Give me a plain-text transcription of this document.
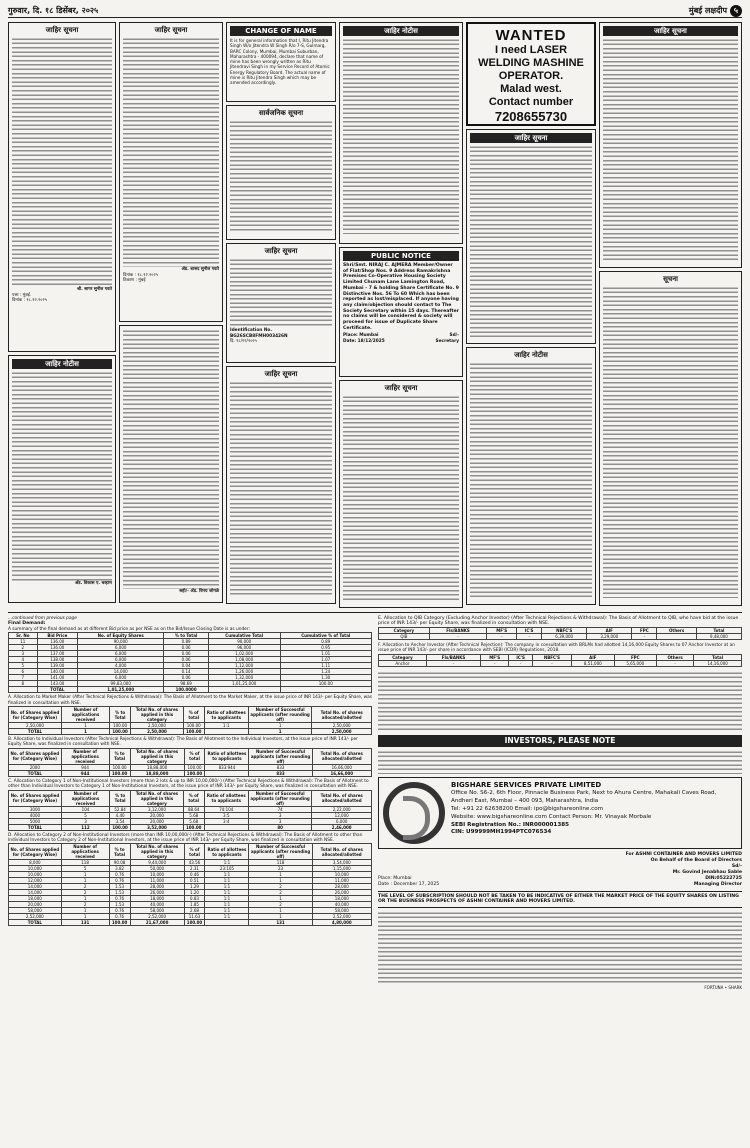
गुरुवार, दि. १८ डिसेंबर, २०२५	मुंबई लक्षदीप ५
जाहिर सूचना
श्री. सागर सुनील गवते
पत्ता : मुंबई.
दिनांक : १८.१२.२०२५
जाहिर नोटीस
अ‍ॅड. विकास ए. चव्हाण
जाहिर सूचना
अ‍ॅड. शासद सुनील गवते
दिनांक : १८.१२.२०२५
ठिकाण : मुंबई
सही/- अ‍ॅड. विनय जोगळे
CHANGE OF NAME
It is for general information that I, Ritu Jitendra Singh W/o Jitendra W Singh R/o 7-S, Gulmarg, BARC Colony, Mumbai, Mumbai Suburban, Maharashtra - 400094, declare that name of mine has been wrongly written as Ritu Jitendravi Singh in my Service Record of Atomic Energy Regulatory Board. The actual name of mine is Ritu Jitendra Singh which may be amended accordingly.
सार्वजनिक सूचना
जाहिर सूचना
Identification No.
BG26SCB8FMH003426N
दि. १८/१२/२०२५
जाहिर सूचना
जाहिर नोटीस
PUBLIC NOTICE
Shri/Smt. NIRAJ C. AJMERA Member/Owner of Flat/Shop Nos. 9 Address Ramakrishna Premises Co-Operative Housing Society Limited Chunam Lane Lamington Road, Mumbai - 7 & holding Share Certificate No. 9 Distinctive Nos. 56 To 60 Which has been reported as lost/misplaced. If anyone having any claim/objection should contact to The Society Secretary within 15 days. Thereafter no claims will be considered & society will proceed for issue of Duplicate Share Certificate.
Place: Mumbai	Sd/-
Date: 18/12/2025	Secretary
जाहिर सूचना
WANTED
I need LASER WELDING MASHINE OPERATOR.
Malad west.
Contact number
7208655730
जाहिर सूचना
जाहिर नोटीस
जाहिर सूचना
सूचना
...continued from previous page
Final Demand:
A summary of the final demand as at different Bid price as per NSE as on the Bid/Issue Closing Date is as under:
Sr. No	Bid Price	No. of Equity Shares	% to Total	Cumulative Total	Cumulative % of Total
11	136.00	90,000	0.89	90,000	0.89
2	136.00	6,000	0.06	96,000	0.95
3	137.00	6,000	0.06	1,02,000	1.01
4	138.00	6,000	0.06	1,08,000	1.07
5	139.00	4,000	0.04	1,12,000	1.11
6	140.00	14,000	0.14	1,26,000	1.24
7	141.00	6,000	0.06	1,32,000	1.30
8	143.00	99,83,000	98.69	1,01,25,000	100.00
	TOTAL	1,01,25,000	100.0000		
A. Allocation to Market Maker (After Technical Rejections & Withdrawal): The Basis of Allotment to the Market Maker, at the issue price of INR 143/- per Equity Share, was finalized in consultation with NSE.
No. of Shares applied for (Category Wise)	Number of applications received	% to Total	Total No. of shares applied in this category	% of total	Ratio of allottees to applicants	Number of Successful applicants (after rounding off)	Total No. of shares allocated/allotted
2,50,000	1	100.00	2,50,000	100.00	1:1	1	2,50,000
TOTAL	1	100.00	2,50,000	100.00		1	2,50,000
B. Allocation to Individual Investors (After Technical Rejections & Withdrawal): The Basis of Allotment to the Individual Investors, at the issue price of INR 143/- per Equity Share, was finalized in consultation with NSE.
No. of Shares applied for (Category Wise)	Number of applications received	% to Total	Total No. of shares applied in this category	% of total	Ratio of allottees to applicants	Number of Successful applicants (after rounding off)	Total No. of shares allocated/allotted
2000	944	100.00	18,88,000	100.00	833:944	833	16,66,000
TOTAL	944	100.00	18,88,000	100.00		833	16,66,000
C. Allocation to Category 1 of Non-Institutional Investors (more than 2 lots & up to INR 10,00,000/-) (After Technical Rejections & Withdrawal): The Basis of Allotment to other than Individual Investors to Category 1 of Non-Institutional Investors, at the issue price of INR 143/- per Equity Share, was finalized in consultation with NSE.
No. of Shares applied for (Category Wise)	Number of applications received	% to Total	Total No. of shares applied in this category	% of total	Ratio of allottees to applicants	Number of Successful applicants (after rounding off)	Total No. of shares allocated/allotted
3000	104	52.84	3,12,000	88.64	74:104	74	2,22,000
4000	5	4.40	20,000	5.68	3:5	3	12,000
5000	3	3.54	20,000	5.68	3:4	3	6,000
TOTAL	112	100.00	3,52,000	100.00		80	2,46,000
D. Allocation to Category 2 of Non-Institutional Investors (more than INR 10,00,000/-) (After Technical Rejections & Withdrawal): The Basis of Allotment to other than Individual Investors to Category 2 of Non-Institutional Investors, at the issue price of INR 143/- per Equity Share, was finalized in consultation with NSE.
No. of Shares applied for (Category Wise)	Number of applications received	% to Total	Total No. of shares applied in this category	% of total	Ratio of allottees to applicants	Number of Successful applicants (after rounding off)	Total No. of shares allocated/allotted
8,000	118	90.08	9,44,000	43.56	1:1	118	3,54,000
10,000	5	3.82	50,000	2.31	23:105	23	1,15,000
10,000	1	0.76	10,000	0.46	1:1	1	10,000
12,000	1	0.76	11,000	0.51	1:1	1	11,000
14,000	2	1.53	28,000	1.29	1:1	2	28,000
14,000	2	1.53	26,000	1.20	1:1	2	26,000
18,000	1	0.76	18,000	0.83	1:1	1	18,000
20,000	2	1.53	40,000	1.85	1:1	2	40,000
58,000	1	0.76	58,000	2.68	1:1	1	58,000
2,52,000	1	0.76	2,52,000	11.63	1:1	1	2,52,000
TOTAL	131	100.00	21,67,000	100.00		131	4,80,000
E. Allocation to QIB Category (Excluding Anchor Investor) (After Technical Rejections & Withdrawal): The Basis of Allotment to QIB, who have bid at the issue price of INR 143/- per Equity Share, was finalized in consultation with NSE.
Category	FIs/BANKS	MF'S	IC'S	NBFC'S	AIF	FPC	Others	Total
QIB	-	-	-	6,39,000	3,29,000	-		9,48,000
F. Allocation to Anchor Investor (After Technical Rejection): The company in consultation with BRLMs had allotted 14,16,000 Equity Shares to 07 Anchor Investor at an issue price of INR 143/- per share in accordance with SEBI (ICDR) Regulations, 2018.
Category	FIs/BANKS	MF'S	IC'S	NBFC'S	AIF	FPC	Others	Total
Anchor	-	-	-	-	8,51,000	5,65,000	-	14,16,000
INVESTORS, PLEASE NOTE
BIGSHARE SERVICES PRIVATE LIMITED
Office No. S6-2, 6th Floor, Pinnacle Business Park, Next to Ahura Centre, Mahakali Caves Road, Andheri East, Mumbai – 400 093, Maharashtra, India
Tel: +91 22 62638200 Email: ipo@bigshareonline.com
Website: www.bigshareonline.com Contact Person: Mr. Vinayak Morbale
SEBI Registration No.: INR000001385
CIN: U99999MH1994PTC076534
Place: Mumbai
Date : December 17, 2025
For ASHNI CONTAINER AND MOVERS LIMITED
On Behalf of the Board of Directors
Sd/-
Mr. Govind Jenabhau Sable
DIN:05222725
Managing Director
THE LEVEL OF SUBSCRIPTION SHOULD NOT BE TAKEN TO BE INDICATIVE OF EITHER THE MARKET PRICE OF THE EQUITY SHARES ON LISTING OR THE BUSINESS PROSPECTS OF ASHNI CONTAINER AND MOVERS LIMITED.
FORTUNA • SHARK
